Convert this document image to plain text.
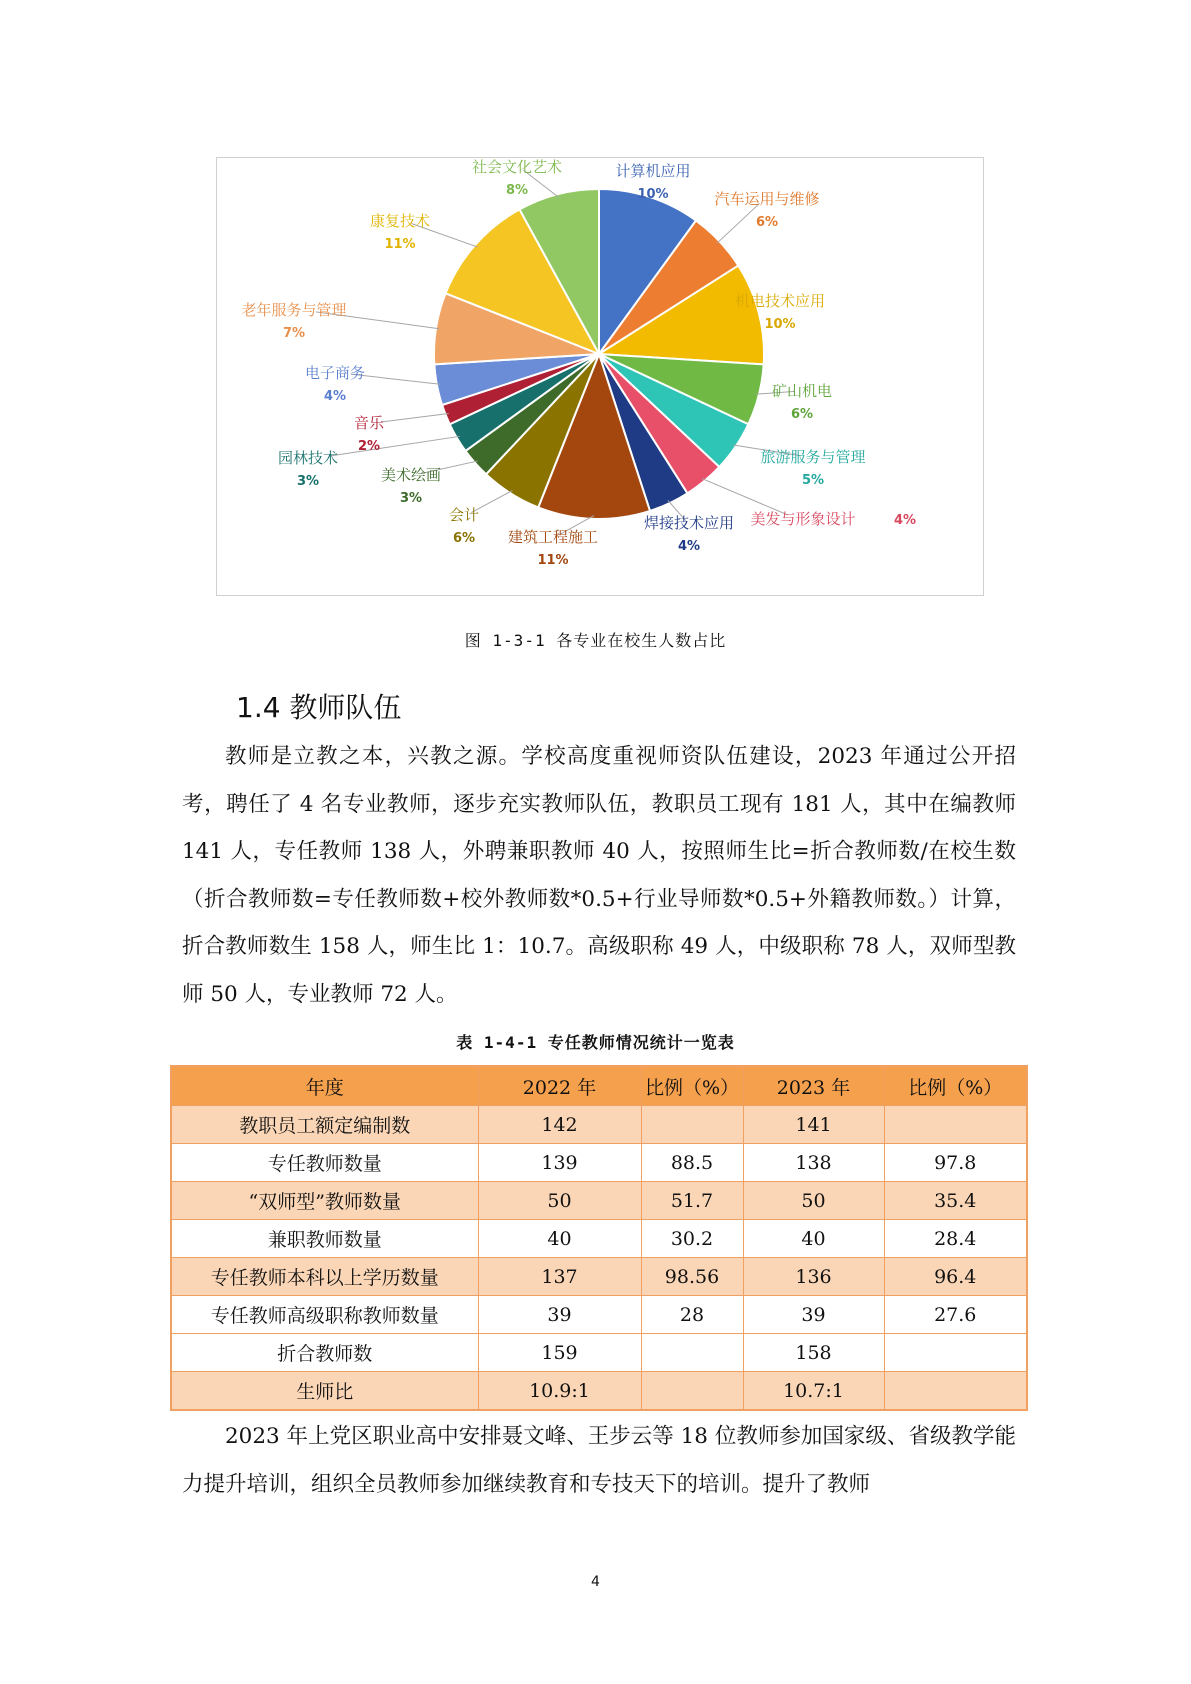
计算机应用
10%	汽车运用与维修
6%
机电技术应用
10%
矿山机电
6%
旅游服务与管理
5%
美发与形象设计	4%
焊接技术应用
4%
建筑工程施工
11%
会计
6%
美术绘画
3%
园林技术
3%
音乐
2%
电子商务
4%
老年服务与管理
7%
康复技术
11%
社会文化艺术
8%
图 1-3-1 各专业在校生人数占比
1.4 教师队伍

教师是立教之本，兴教之源。学校高度重视师资队伍建设，2023 年通过公开招考，聘任了 4 名专业教师，逐步充实教师队伍，教职员工现有 181 人，其中在编教师 141 人，专任教师 138 人，外聘兼职教师 40 人，按照师生比=折合教师数/在校生数（折合教师数=专任教师数+校外教师数*0.5+行业导师数*0.5+外籍教师数。）计算，折合教师数生 158 人，师生比 1：10.7。高级职称 49 人，中级职称 78 人，双师型教师 50 人，专业教师 72 人。

表 1-4-1 专任教师情况统计一览表
年度	2022 年	比例（%）	2023 年	比例（%）
教职员工额定编制数	142		141	
专任教师数量	139	88.5	138	97.8
“双师型”教师数量	50	51.7	50	35.4
兼职教师数量	40	30.2	40	28.4
专任教师本科以上学历数量	137	98.56	136	96.4
专任教师高级职称教师数量	39	28	39	27.6
折合教师数	159		158	
生师比	10.9:1		10.7:1	

2023 年上党区职业高中安排聂文峰、王步云等 18 位教师参加国家级、省级教学能力提升培训，组织全员教师参加继续教育和专技天下的培训。提升了教师

4
